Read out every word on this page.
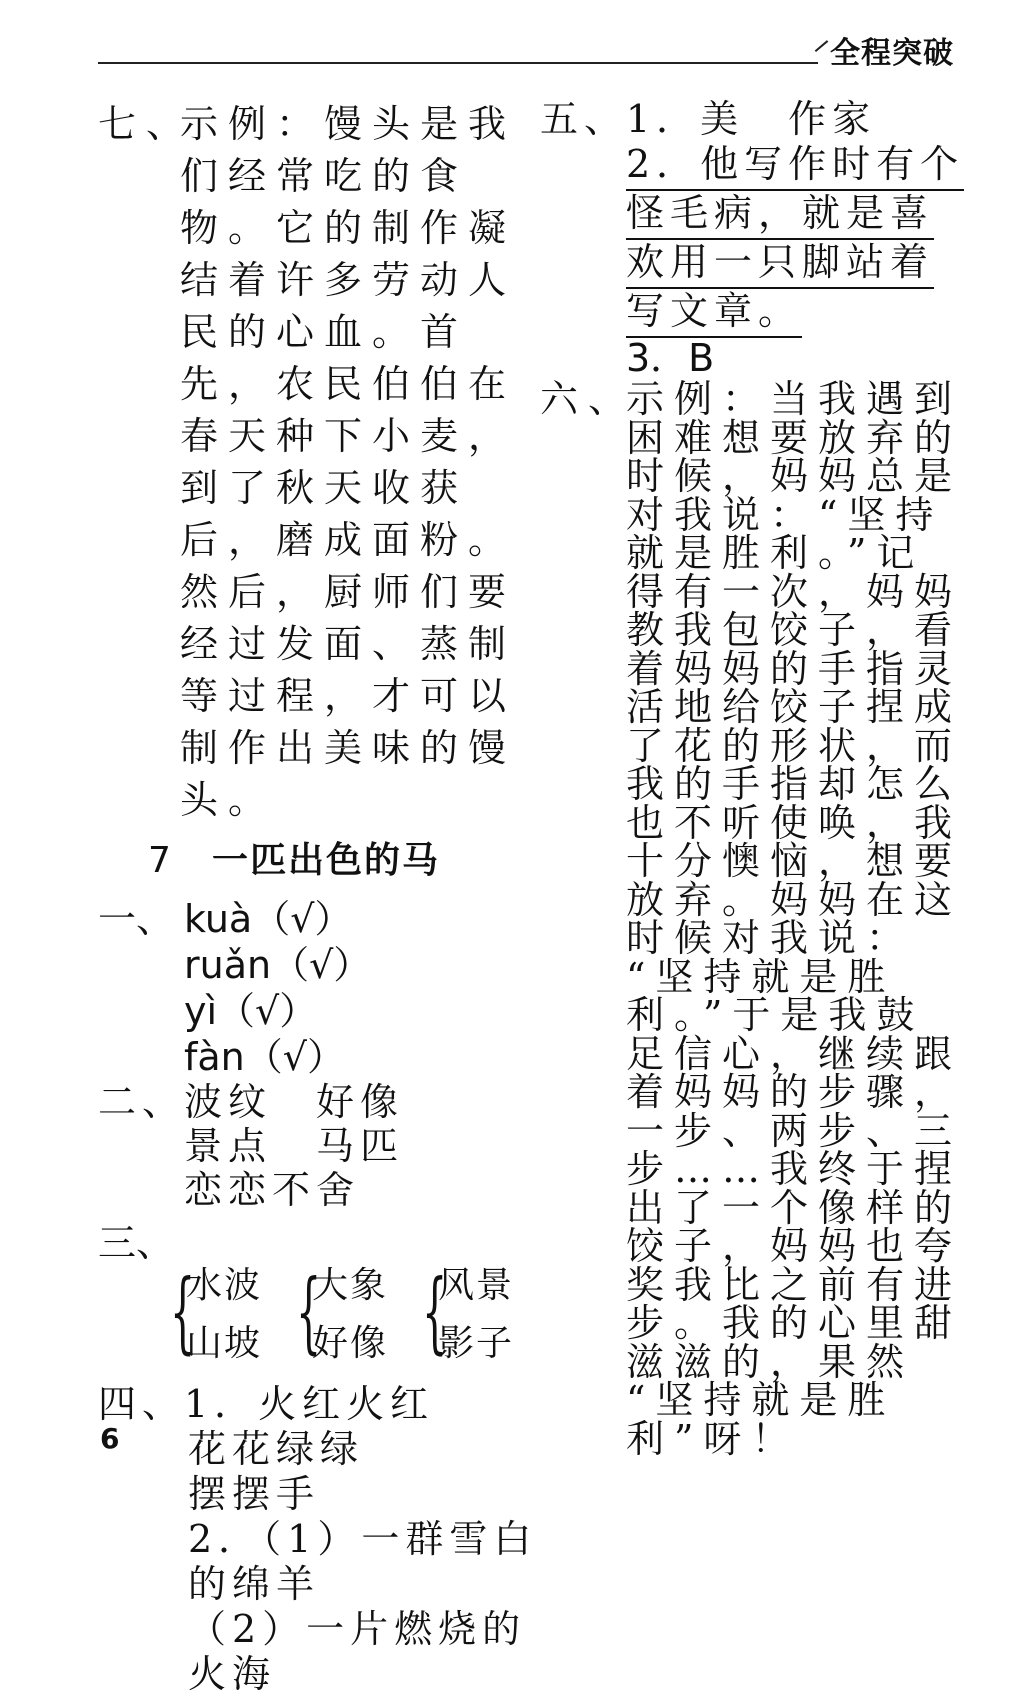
全程突破
七、
示例：馒头是我
们经常吃的食
物。它的制作凝
结着许多劳动人
民的心血。首
先，农民伯伯在
春天种下小麦，
到了秋天收获
后，磨成面粉。
然后，厨师们要
经过发面、蒸制
等过程，才可以
制作出美味的馒
头。
7 一匹出色的马
一、 kuà（√）
ruǎn（√）
yì（√）
fàn（√）
二、
波纹　好像
景点　马匹
恋恋不舍
三、
{
水波
山坡 {
大象
好像 {
风景
影子
四、
1．火红火红
花花绿绿
摆摆手
2．（1）一群雪白
的绵羊
（2）一片燃烧的
火海
五、
1．美　作家
2．他写作时有个
怪毛病，就是喜
欢用一只脚站着
写文章。
3．B
六、
示例：当我遇到
困难想要放弃的
时候，妈妈总是
对我说：“坚持
就是胜利。”记
得有一次，妈妈
教我包饺子，看
着妈妈的手指灵
活地给饺子捏成
了花的形状，而
我的手指却怎么
也不听使唤，我
十分懊恼，想要
放弃。妈妈在这
时候对我说：
“坚持就是胜
利。”于是我鼓
足信心，继续跟
着妈妈的步骤，
一步、两步、三
步……我终于捏
出了一个像样的
饺子，妈妈也夸
奖我比之前有进
步。我的心里甜
滋滋的，果然
“坚持就是胜
利”呀！
6
